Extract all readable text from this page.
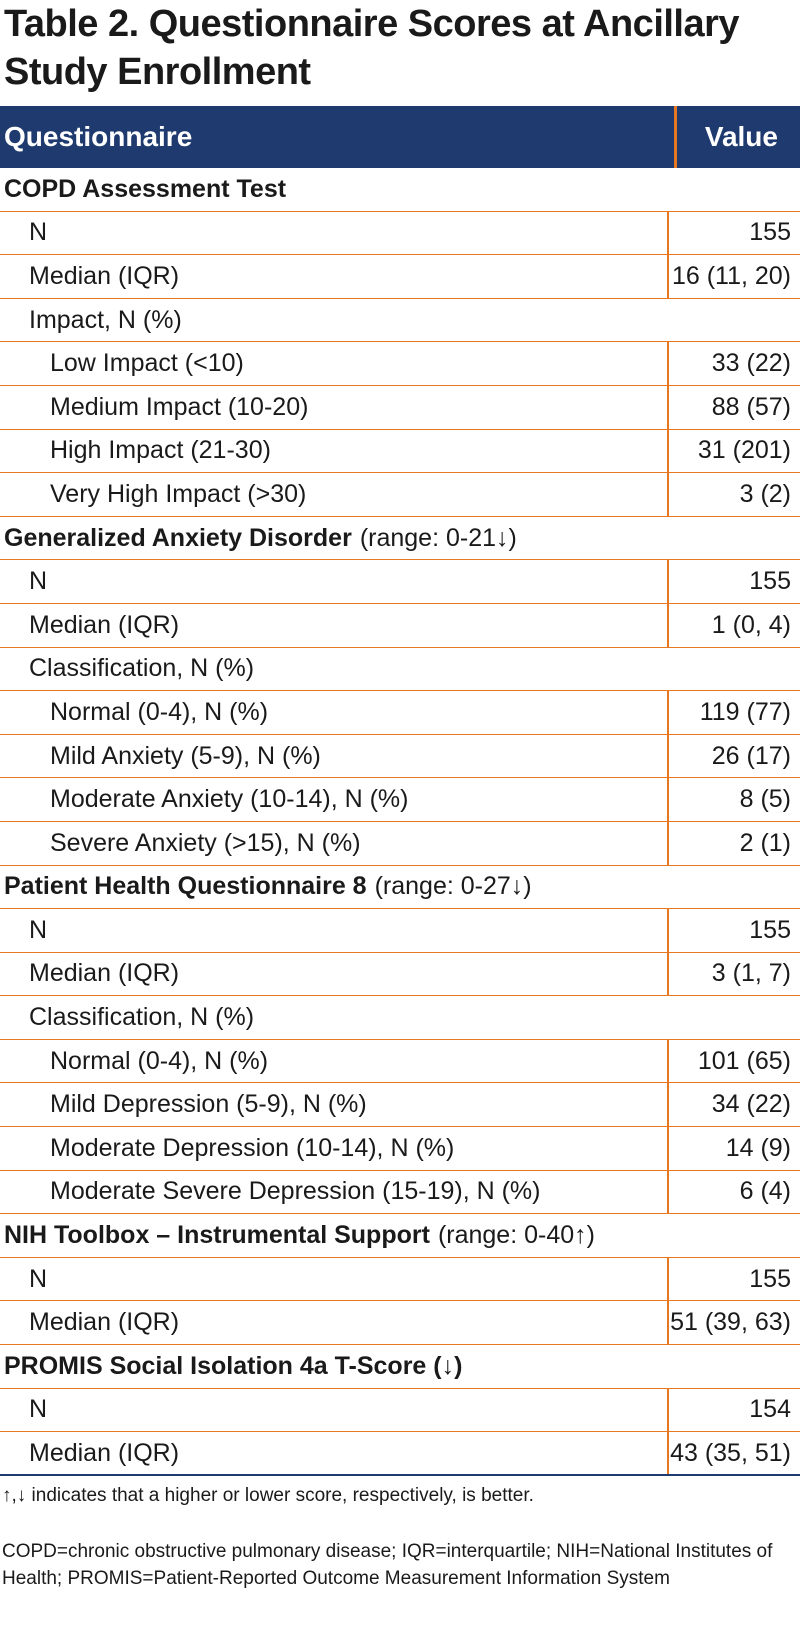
Table 2. Questionnaire Scores at Ancillary
Study Enrollment
Questionnaire	Value
COPD Assessment Test
N	155
Median (IQR)	16 (11, 20)
Impact, N (%)
Low Impact (<10)	33 (22)
Medium Impact (10-20)	88 (57)
High Impact (21-30)	31 (201)
Very High Impact (>30)	3 (2)
Generalized Anxiety Disorder (range: 0-21↓)
N	155
Median (IQR)	1 (0, 4)
Classification, N (%)
Normal (0-4), N (%)	119 (77)
Mild Anxiety (5-9), N (%)	26 (17)
Moderate Anxiety (10-14), N (%)	8 (5)
Severe Anxiety (>15), N (%)	2 (1)
Patient Health Questionnaire 8 (range: 0-27↓)
N	155
Median (IQR)	3 (1, 7)
Classification, N (%)
Normal (0-4), N (%)	101 (65)
Mild Depression (5-9), N (%)	34 (22)
Moderate Depression (10-14), N (%)	14 (9)
Moderate Severe Depression (15-19), N (%)	6 (4)
NIH Toolbox – Instrumental Support (range: 0-40↑)
N	155
Median (IQR)	51 (39, 63)
PROMIS Social Isolation 4a T-Score (↓)
N	154
Median (IQR)	43 (35, 51)
↑,↓ indicates that a higher or lower score, respectively, is better.
COPD=chronic obstructive pulmonary disease; IQR=interquartile; NIH=National Institutes of Health; PROMIS=Patient-Reported Outcome Measurement Information System
